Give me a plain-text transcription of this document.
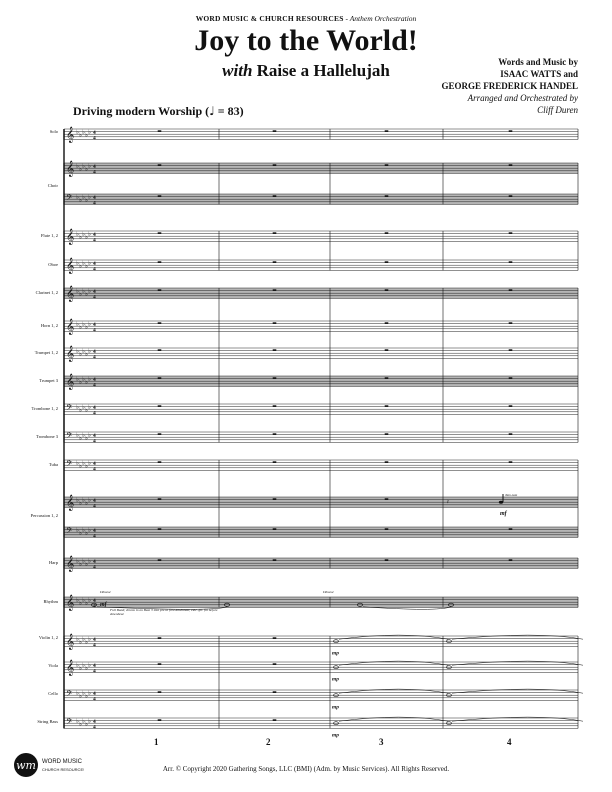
WORD MUSIC & CHURCH RESOURCES - Anthem Orchestration
Joy to the World!
with Raise a Hallelujah	Words and Music by
ISAAC WATTS and
GEORGE FREDERICK HANDEL
Arranged and Orchestrated by
Cliff Duren
Driving modern Worship (♩ = 83)
𝄞 ♭ ♭ ♭ ♭ ♭ 4
4
𝄞 ♭ ♭ ♭ ♭ ♭ 4
4
𝄢 ♭ ♭ ♭ ♭ ♭ 4
4
𝄞 ♭ ♭ ♭ ♭ ♭ 4
4
𝄞 ♭ ♭ ♭ ♭ ♭ 4
4
𝄞 ♭ ♭ ♭ ♭ ♭ 4
4
𝄞 ♭ ♭ ♭ ♭ ♭ 4
4
𝄞 ♭ ♭ ♭ ♭ ♭ 4
4
𝄞 ♭ ♭ ♭ ♭ ♭ 4
4
𝄢 ♭ ♭ ♭ ♭ ♭ 4
4
𝄢 ♭ ♭ ♭ ♭ ♭ 4
4
𝄢 ♭ ♭ ♭ ♭ ♭ 4
4
𝄞 ♭ ♭ ♭ ♭ ♭ 4
4
𝄽
𝄢 ♭ ♭ ♭ ♭ ♭ 4
4
𝄞 ♭ ♭ ♭ ♭ ♭ 4
4
𝄞 ♭ ♭ ♭ ♭ ♭ 4
4
𝄞 ♭ ♭ ♭ ♭ ♭ 4
4
mp
𝄞 ♭ ♭ ♭ ♭ ♭ 4
4
mp
𝄢 ♭ ♭ ♭ ♭ ♭ 4
4
mp
𝄢 ♭ ♭ ♭ ♭ ♭ 4
4
mp
Solo
Choir
Flute 1, 2
Oboe
Clarinet 1, 2
Horn 1, 2
Trumpet 1, 2
Trumpet 3
Trombone 1, 2
Trombone 3
Tuba
Percussion 1, 2
Harp
Rhythm
Violin 1, 2
Viola
Cello
String Bass
1	2	3	4
Dbsus4	Dbsus4
Full Band; drums in on Beat 3 into pre to first downbeat; elec. gtr. fill before downbeat
Tam-tam
mf
mf
Arr. © Copyright 2020 Gathering Songs, LLC (BMI) (Adm. by Music Services). All Rights Reserved.
wm WORD MUSIC
CHURCH RESOURCES
